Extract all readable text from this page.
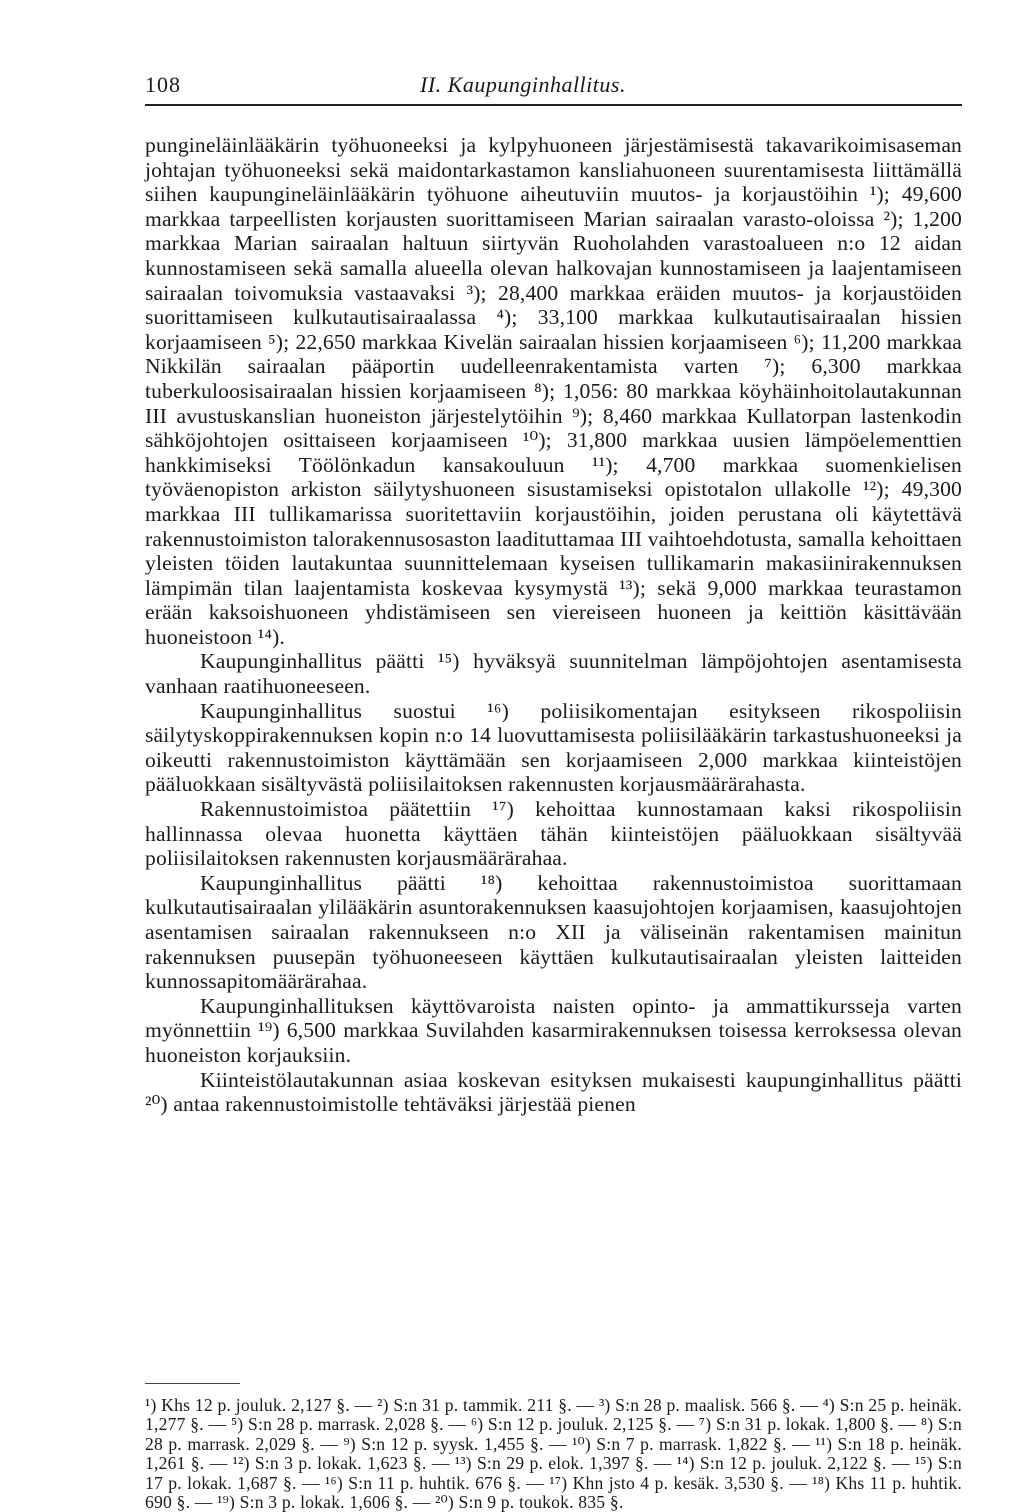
108	II. Kaupunginhallitus.

punginеläinlääkärin työhuoneeksi ja kylpyhuoneen järjestämisestä takavarikoimisaseman johtajan työhuoneeksi sekä maidontarkastamon kansliahuoneen suurentamisesta liittämällä siihen kaupungineläinlääkärin työhuone aiheutuviin muutos- ja korjaustöihin ¹); 49,600 markkaa tarpeellisten korjausten suorittamiseen Marian sairaalan varasto-oloissa ²); 1,200 markkaa Marian sairaalan haltuun siirtyvän Ruoholahden varastoalueen n:o 12 aidan kunnostamiseen sekä samalla alueella olevan halkovajan kunnostamiseen ja laajentamiseen sairaalan toivomuksia vastaavaksi ³); 28,400 markkaa eräiden muutos- ja korjaustöiden suorittamiseen kulkutautisairaalassa ⁴); 33,100 markkaa kulkutautisairaalan hissien korjaamiseen ⁵); 22,650 markkaa Kivelän sairaalan hissien korjaamiseen ⁶); 11,200 markkaa Nikkilän sairaalan pääportin uudelleenrakentamista varten ⁷); 6,300 markkaa tuberkuloosisairaalan hissien korjaamiseen ⁸); 1,056: 80 markkaa köyhäinhoitolautakunnan III avustuskanslian huoneiston järjestelytöihin ⁹); 8,460 markkaa Kullatorpan lastenkodin sähköjohtojen osittaiseen korjaamiseen ¹⁰); 31,800 markkaa uusien lämpöelementtien hankkimiseksi Töölönkadun kansakouluun ¹¹); 4,700 markkaa suomenkielisen työväenopiston arkiston säilytyshuoneen sisustamiseksi opistotalon ullakolle ¹²); 49,300 markkaa III tullikamarissa suoritettaviin korjaustöihin, joiden perustana oli käytettävä rakennustoimiston talorakennusosaston laadituttamaa III vaihtoehdotusta, samalla kehoittaen yleisten töiden lautakuntaa suunnittelemaan kyseisen tullikamarin makasiinirakennuksen lämpimän tilan laajentamista koskevaa kysymystä ¹³); sekä 9,000 markkaa teurastamon erään kaksoishuoneen yhdistämiseen sen viereiseen huoneen ja keittiön käsittävään huoneistoon ¹⁴).

Kaupunginhallitus päätti ¹⁵) hyväksyä suunnitelman lämpöjohtojen asentamisesta vanhaan raatihuoneeseen.

Kaupunginhallitus suostui ¹⁶) poliisikomentajan esitykseen rikospoliisin säilytyskoppirakennuksen kopin n:o 14 luovuttamisesta poliisilääkärin tarkastushuoneeksi ja oikeutti rakennustoimiston käyttämään sen korjaamiseen 2,000 markkaa kiinteistöjen pääluokkaan sisältyvästä poliisilaitoksen rakennusten korjausmäärärahasta.

Rakennustoimistoa päätettiin ¹⁷) kehoittaa kunnostamaan kaksi rikospoliisin hallinnassa olevaa huonetta käyttäen tähän kiinteistöjen pääluokkaan sisältyvää poliisilaitoksen rakennusten korjausmäärärahaa.

Kaupunginhallitus päätti ¹⁸) kehoittaa rakennustoimistoa suorittamaan kulkutautisairaalan ylilääkärin asuntorakennuksen kaasujohtojen korjaamisen, kaasujohtojen asentamisen sairaalan rakennukseen n:o XII ja väliseinän rakentamisen mainitun rakennuksen puusepän työhuoneeseen käyttäen kulkutautisairaalan yleisten laitteiden kunnossapitomäärärahaa.

Kaupunginhallituksen käyttövaroista naisten opinto- ja ammattikursseja varten myönnettiin ¹⁹) 6,500 markkaa Suvilahden kasarmirakennuksen toisessa kerroksessa olevan huoneiston korjauksiin.

Kiinteistölautakunnan asiaa koskevan esityksen mukaisesti kaupunginhallitus päätti ²⁰) antaa rakennustoimistolle tehtäväksi järjestää pienen

¹) Khs 12 p. jouluk. 2,127 §. — ²) S:n 31 p. tammik. 211 §. — ³) S:n 28 p. maalisk. 566 §. — ⁴) S:n 25 p. heinäk. 1,277 §. — ⁵) S:n 28 p. marrask. 2,028 §. — ⁶) S:n 12 p. jouluk. 2,125 §. — ⁷) S:n 31 p. lokak. 1,800 §. — ⁸) S:n 28 p. marrask. 2,029 §. — ⁹) S:n 12 p. syysk. 1,455 §. — ¹⁰) S:n 7 p. marrask. 1,822 §. — ¹¹) S:n 18 p. heinäk. 1,261 §. — ¹²) S:n 3 p. lokak. 1,623 §. — ¹³) S:n 29 p. elok. 1,397 §. — ¹⁴) S:n 12 p. jouluk. 2,122 §. — ¹⁵) S:n 17 p. lokak. 1,687 §. — ¹⁶) S:n 11 p. huhtik. 676 §. — ¹⁷) Khn jsto 4 p. kesäk. 3,530 §. — ¹⁸) Khs 11 p. huhtik. 690 §. — ¹⁹) S:n 3 p. lokak. 1,606 §. — ²⁰) S:n 9 p. toukok. 835 §.
